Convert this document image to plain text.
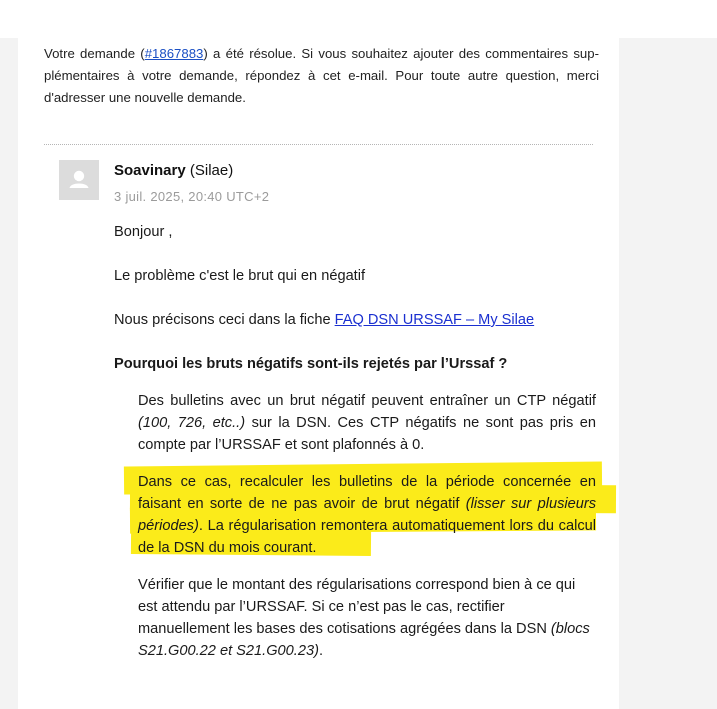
Votre demande (#1867883) a été résolue. Si vous souhaitez ajouter des commentaires supplémentaires à votre demande, répondez à cet e-mail. Pour toute autre question, merci d'adresser une nouvelle demande.
Soavinary (Silae)
3 juil. 2025, 20:40 UTC+2
Bonjour ,
Le problème c'est le brut qui en négatif
Nous précisons ceci dans la fiche FAQ DSN URSSAF – My Silae
Pourquoi les bruts négatifs sont-ils rejetés par l’Urssaf ?
Des bulletins avec un brut négatif peuvent entraîner un CTP négatif (100, 726, etc..) sur la DSN. Ces CTP négatifs ne sont pas pris en compte par l’URSSAF et sont plafonnés à 0.
Dans ce cas, recalculer les bulletins de la période concernée en faisant en sorte de ne pas avoir de brut négatif (lisser sur plusieurs périodes). La régularisation remontera automatiquement lors du calcul de la DSN du mois courant.
Vérifier que le montant des régularisations correspond bien à ce qui est attendu par l’URSSAF. Si ce n’est pas le cas, rectifier manuellement les bases des cotisations agrégées dans la DSN (blocs S21.G00.22 et S21.G00.23).
